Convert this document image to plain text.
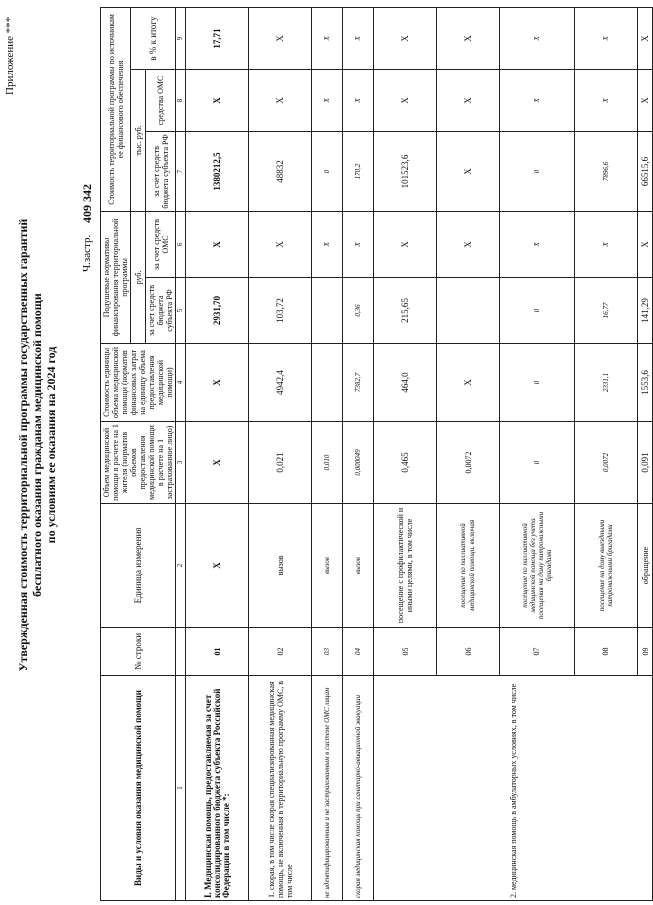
Приложение ***
Утвержденная стоимость территориальной программы государственных гарантий бесплатного оказания гражданам медицинской помощи по условиям ее оказания на 2024 год
Ч.застр.
409 342
Виды и условия оказания медицинской помощи	№ строки	Единица измерения	Объем медицинской помощи в расчете на 1 жителя (норматив объемов предоставления медицинской помощи в расчете на 1 застрахованное лицо)	Стоимость единицы объема медицинской помощи (норматив финансовых затрат на единицу объема предоставления медицинской помощи)	Подушевые нормативы финансирования территориальной программы		Стоимость территориальной программы по источникам ее финансового обеспечения		
					руб.		тыс. руб.		в % к итогу
					за счет средств бюджета субъекта РФ	за счет средств ОМС	за счет средств бюджета субъекта РФ	средства ОМС	
1		2	3	4	5	6	7	8	9
I. Медицинская помощь, предоставляемая за счет консолидированного бюджета субъекта Российской Федерации в том числе *:	01	X	X	X	2931,70	X	1380212,5	X	17,71
1. скорая, в том числе скорая специализированная медицинская помощь, не включенная в территориальную программу ОМС, в том числе	02	вызов	0,021	4942,4	103,72	X	48832	X	X
не идентифицированным и не застрахованным в системе ОМС лицам	03	вызов	0,010			X	0	X	X
скорая медицинская помощь при санитарно-авиационной эвакуации	04	вызов	0,000049	7382,7	0,36	X	170,2	X	X
2. медицинская помощь в амбулаторных условиях, в том числе	05	посещение с профилактической и иными целями, в том числе	0,465	464,0	215,65	X	101523,6	X	X
	06	посещение по паллиативной медицинской помощи, включая	0,0072	X		X	X	X	X
	07	посещение по паллиативной медицинской помощи без учета посещения на дому патронажными бригадами	0	0	0	X	0	X	X
	08	посещение на дому выездными патронажными бригадами	0,0072	2331,1	16,77	X	7896,6	X	X
	09	обращение	0,091	1553,6	141,29	X	66515,6	X	X
